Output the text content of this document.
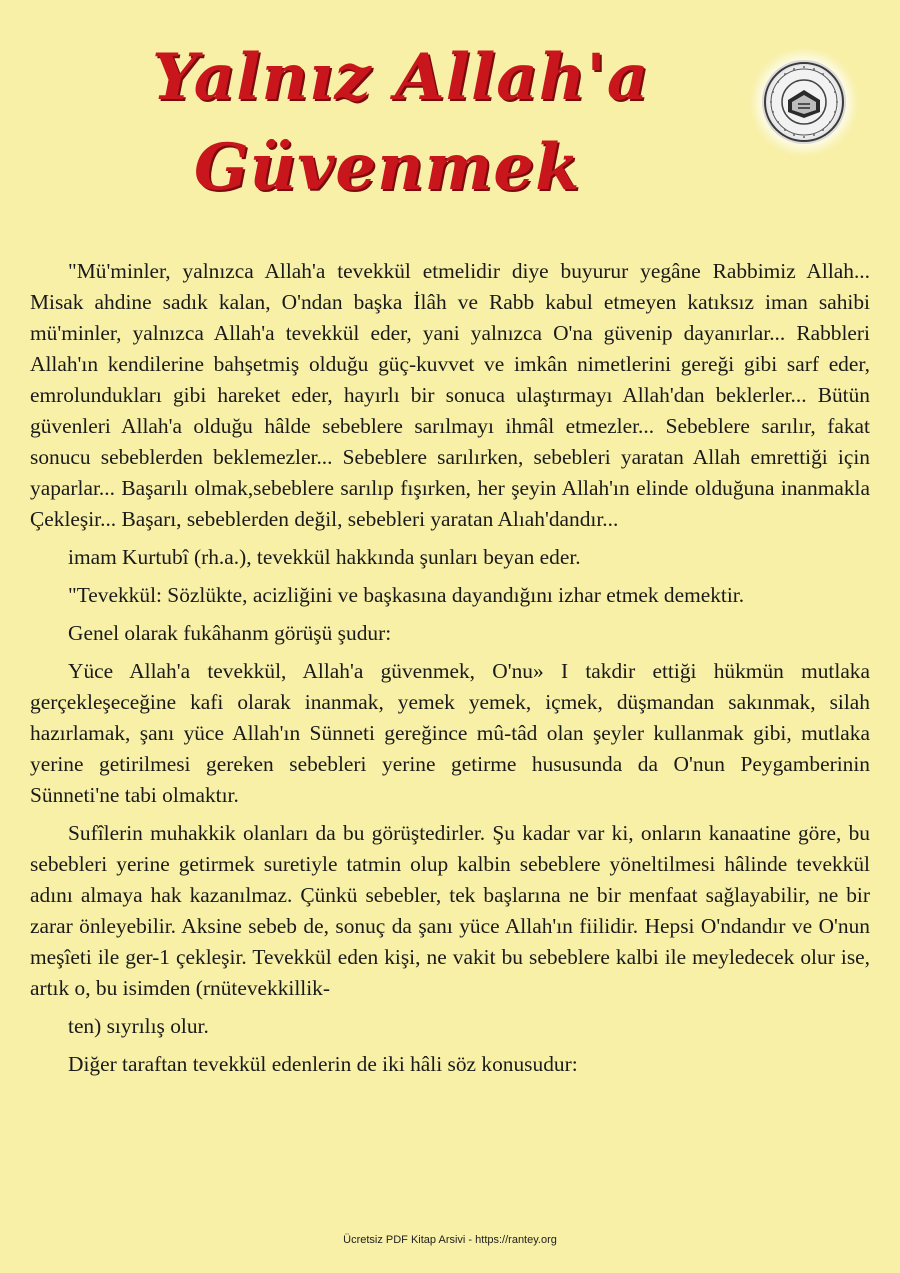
Yalnız Allah'a
Güvenmek

"Mü'minler, yalnızca Allah'a tevekkül etmelidir diye buyurur yegâne Rabbimiz Allah... Misak ahdine sadık kalan, O'ndan başka İlâh ve Rabb kabul etmeyen katıksız iman sahibi mü'minler, yalnızca Allah'a tevekkül eder, yani yalnızca O'na güvenip dayanırlar... Rabbleri Allah'ın kendilerine bahşetmiş olduğu güç-kuvvet ve imkân nimetlerini gereği gibi sarf eder, emrolundukları gibi hareket eder, hayırlı bir sonuca ulaştırmayı Allah'dan beklerler... Bütün güvenleri Allah'a olduğu hâlde sebeblere sarılmayı ihmâl etmezler... Sebeblere sarılır, fakat sonucu sebeblerden beklemezler... Sebeblere sarılırken, sebebleri yaratan Allah emrettiği için yaparlar... Başarılı olmak,sebeblere sarılıp fışırken, her şeyin Allah'ın elinde olduğuna inanmakla Çekleşir... Başarı, sebeblerden değil, sebebleri yaratan Alıah'dandır...

imam Kurtubî (rh.a.), tevekkül hakkında şunları beyan eder.

"Tevekkül: Sözlükte, acizliğini ve başkasına dayandığını izhar etmek demektir.

Genel olarak fukâhanm görüşü şudur:

Yüce Allah'a tevekkül, Allah'a güvenmek, O'nu» I takdir ettiği hükmün mutlaka gerçekleşeceğine kafi olarak inanmak, yemek yemek, içmek, düşmandan sakınmak, silah hazırlamak, şanı yüce Allah'ın Sünneti gereğince mû-tâd olan şeyler kullanmak gibi, mutlaka yerine getirilmesi gereken sebebleri yerine getirme hususunda da O'nun Peygamberinin Sünneti'ne tabi olmaktır.

Sufîlerin muhakkik olanları da bu görüştedirler. Şu kadar var ki, onların kanaatine göre, bu sebebleri yerine getirmek suretiyle tatmin olup kalbin sebeblere yöneltilmesi hâlinde tevekkül adını almaya hak kazanılmaz. Çünkü sebebler, tek başlarına ne bir menfaat sağlayabilir, ne bir zarar önleyebilir. Aksine sebeb de, sonuç da şanı yüce Allah'ın fiilidir. Hepsi O'ndandır ve O'nun meşîeti ile ger-1 çekleşir. Tevekkül eden kişi, ne vakit bu sebeblere kalbi ile meyledecek olur ise, artık o, bu isimden (rnütevekkillik-

ten) sıyrılış olur.

Diğer taraftan tevekkül edenlerin de iki hâli söz konusudur:

Ücretsiz PDF Kitap Arsivi - https://rantey.org
